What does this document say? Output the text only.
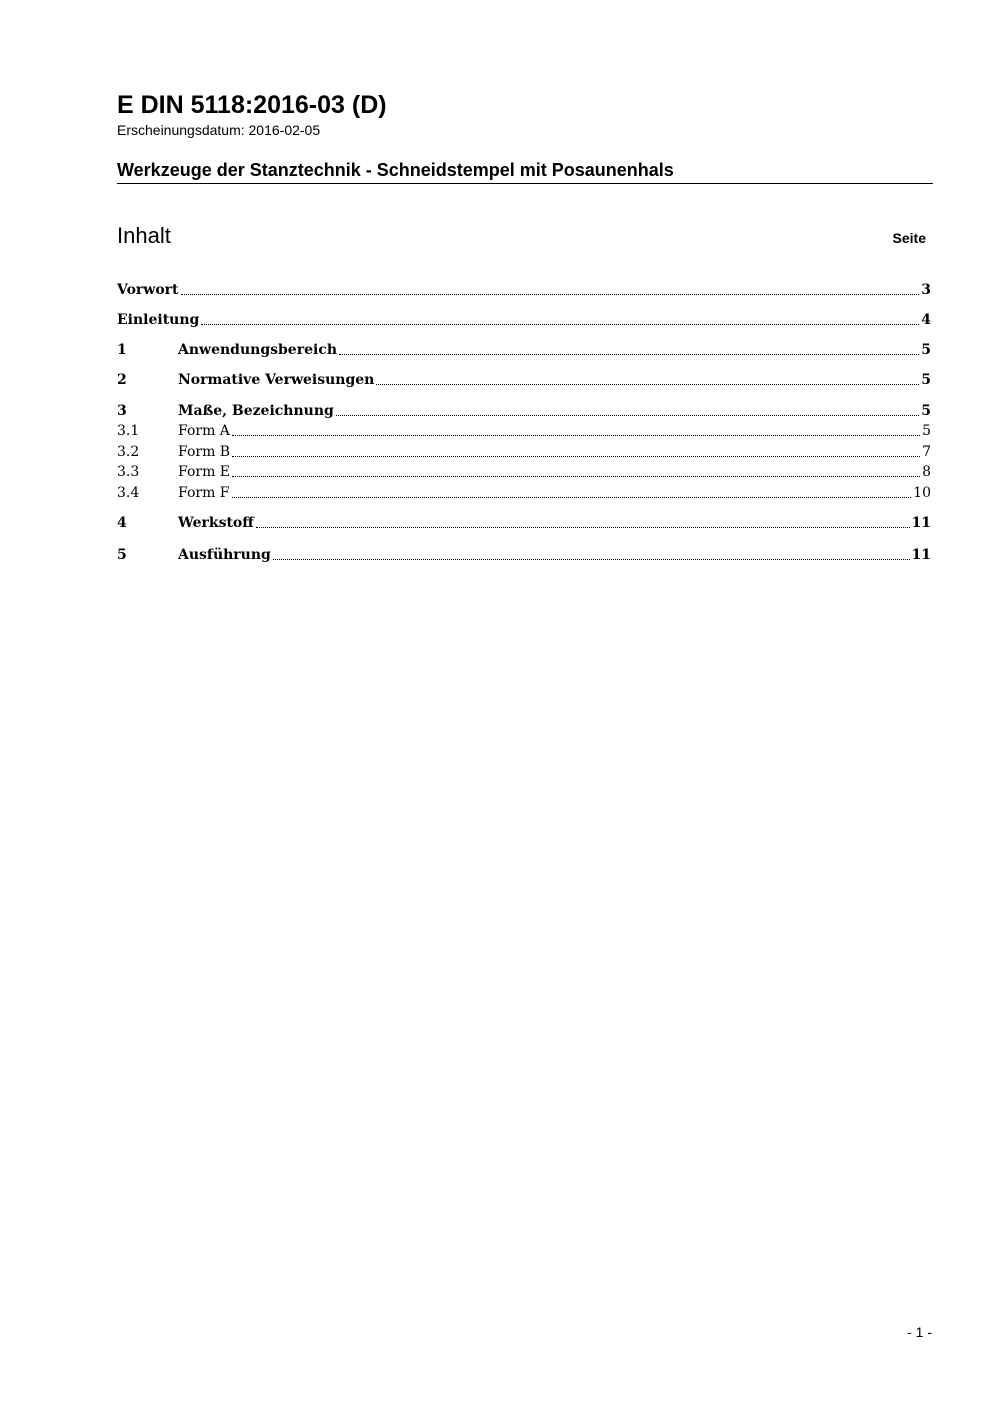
E DIN 5118:2016-03 (D)
Erscheinungsdatum: 2016-02-05
Werkzeuge der Stanztechnik - Schneidstempel mit Posaunenhals
Inhalt	Seite
Vorwort	3
Einleitung	4
1	Anwendungsbereich	5
2	Normative Verweisungen	5
3	Maße, Bezeichnung	5
3.1	Form A	5
3.2	Form B	7
3.3	Form E	8
3.4	Form F	10
4	Werkstoff	11
5	Ausführung	11
- 1 -
